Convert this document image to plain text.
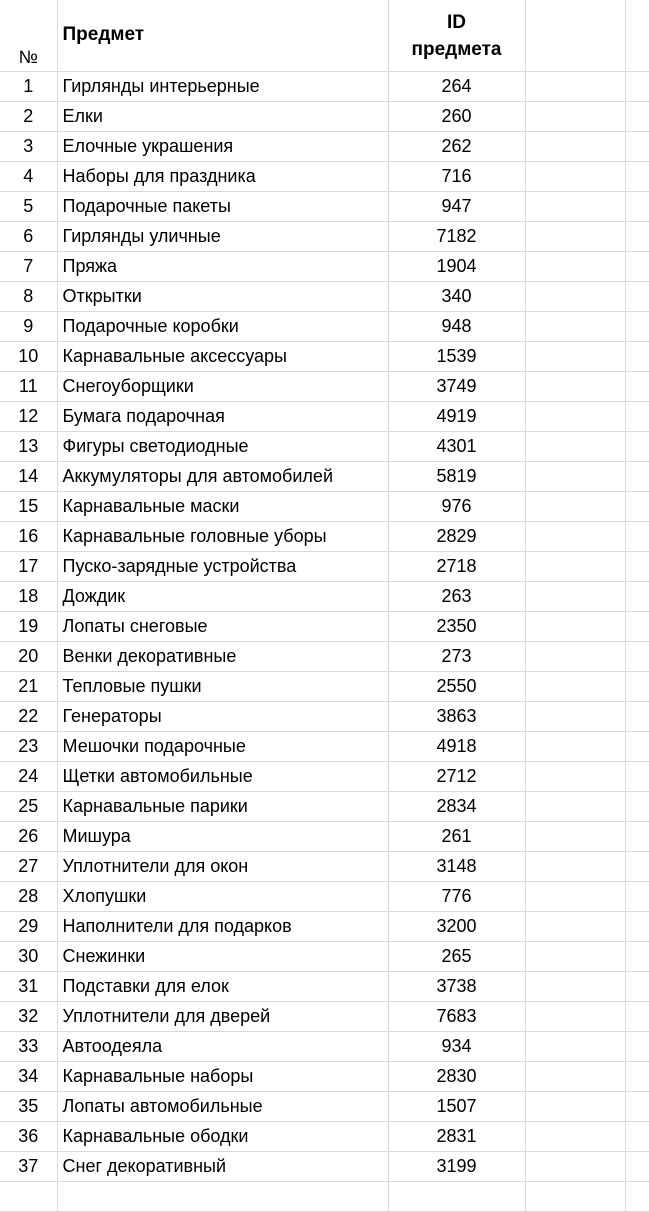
№	Предмет	ID
предмета		

1	Гирлянды интерьерные	264		
2	Елки	260		
3	Елочные украшения	262		
4	Наборы для праздника	716		
5	Подарочные пакеты	947		
6	Гирлянды уличные	7182		
7	Пряжа	1904		
8	Открытки	340		
9	Подарочные коробки	948		
10	Карнавальные аксессуары	1539		
11	Снегоуборщики	3749		
12	Бумага подарочная	4919		
13	Фигуры светодиодные	4301		
14	Аккумуляторы для автомобилей	5819		
15	Карнавальные маски	976		
16	Карнавальные головные уборы	2829		
17	Пуско-зарядные устройства	2718		
18	Дождик	263		
19	Лопаты снеговые	2350		
20	Венки декоративные	273		
21	Тепловые пушки	2550		
22	Генераторы	3863		
23	Мешочки подарочные	4918		
24	Щетки автомобильные	2712		
25	Карнавальные парики	2834		
26	Мишура	261		
27	Уплотнители для окон	3148		
28	Хлопушки	776		
29	Наполнители для подарков	3200		
30	Снежинки	265		
31	Подставки для елок	3738		
32	Уплотнители для дверей	7683		
33	Автоодеяла	934		
34	Карнавальные наборы	2830		
35	Лопаты автомобильные	1507		
36	Карнавальные ободки	2831		
37	Снег декоративный	3199		
